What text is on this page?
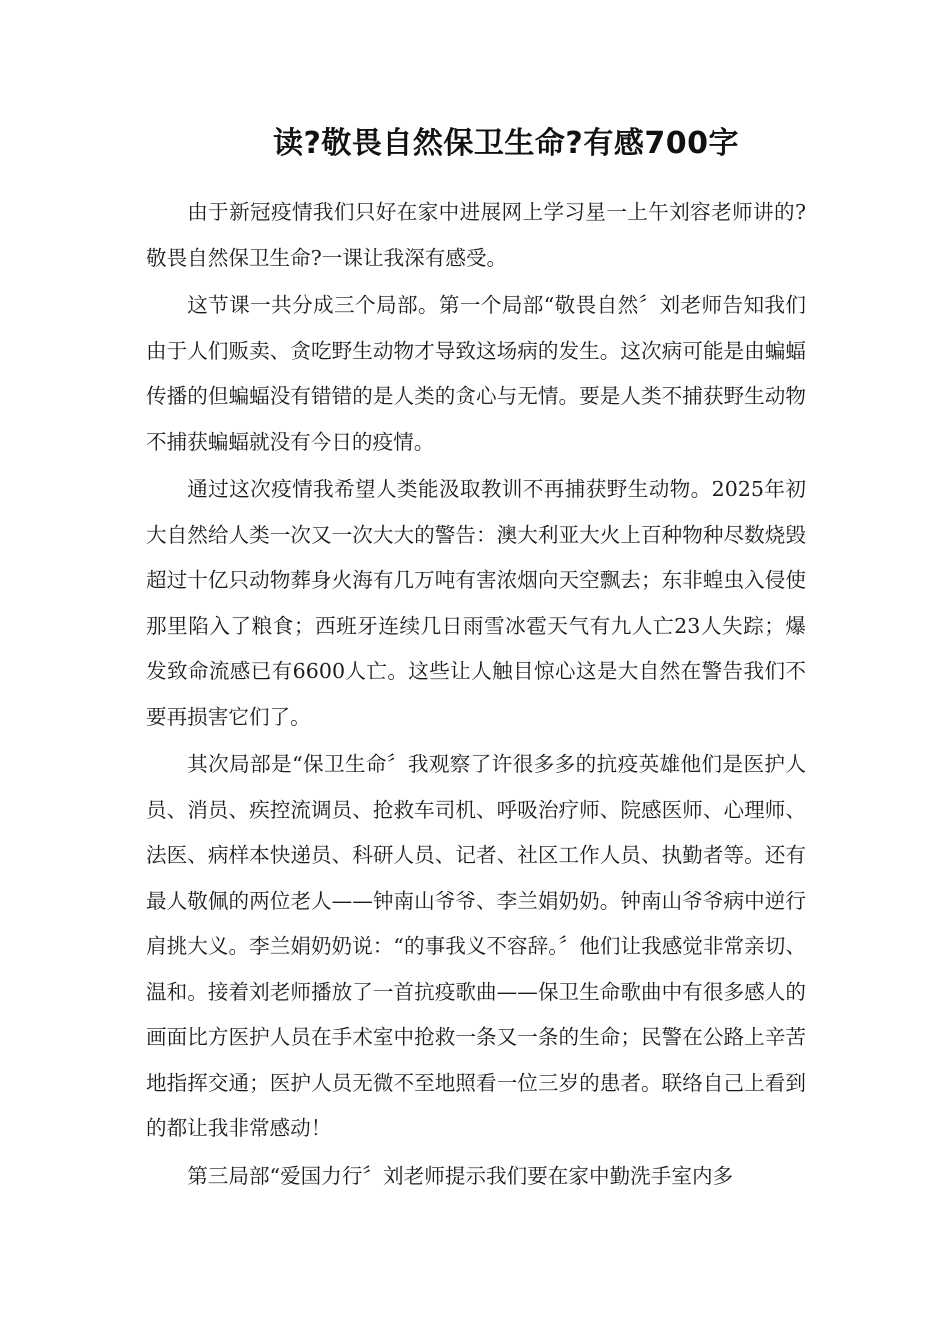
读?敬畏自然保卫生命?有感700字

由于新冠疫情我们只好在家中进展网上学习星一上午刘容老师讲的?敬畏自然保卫生命?一课让我深有感受。

这节课一共分成三个局部。第一个局部“敬畏自然〞刘老师告知我们由于人们贩卖、贪吃野生动物才导致这场病的发生。这次病可能是由蝙蝠传播的但蝙蝠没有错错的是人类的贪心与无情。要是人类不捕获野生动物不捕获蝙蝠就没有今日的疫情。

通过这次疫情我希望人类能汲取教训不再捕获野生动物。2025年初大自然给人类一次又一次大大的警告：澳大利亚大火上百种物种尽数烧毁超过十亿只动物葬身火海有几万吨有害浓烟向天空飘去；东非蝗虫入侵使那里陷入了粮食；西班牙连续几日雨雪冰雹天气有九人亡23人失踪；爆发致命流感已有6600人亡。这些让人触目惊心这是大自然在警告我们不要再损害它们了。

其次局部是“保卫生命〞我观察了许很多多的抗疫英雄他们是医护人员、消员、疾控流调员、抢救车司机、呼吸治疗师、院感医师、心理师、法医、病样本快递员、科研人员、记者、社区工作人员、执勤者等。还有最人敬佩的两位老人——钟南山爷爷、李兰娟奶奶。钟南山爷爷病中逆行肩挑大义。李兰娟奶奶说：“的事我义不容辞。〞他们让我感觉非常亲切、温和。接着刘老师播放了一首抗疫歌曲——保卫生命歌曲中有很多感人的画面比方医护人员在手术室中抢救一条又一条的生命；民警在公路上辛苦地指挥交通；医护人员无微不至地照看一位三岁的患者。联络自己上看到的都让我非常感动！

第三局部“爱国力行〞刘老师提示我们要在家中勤洗手室内多
